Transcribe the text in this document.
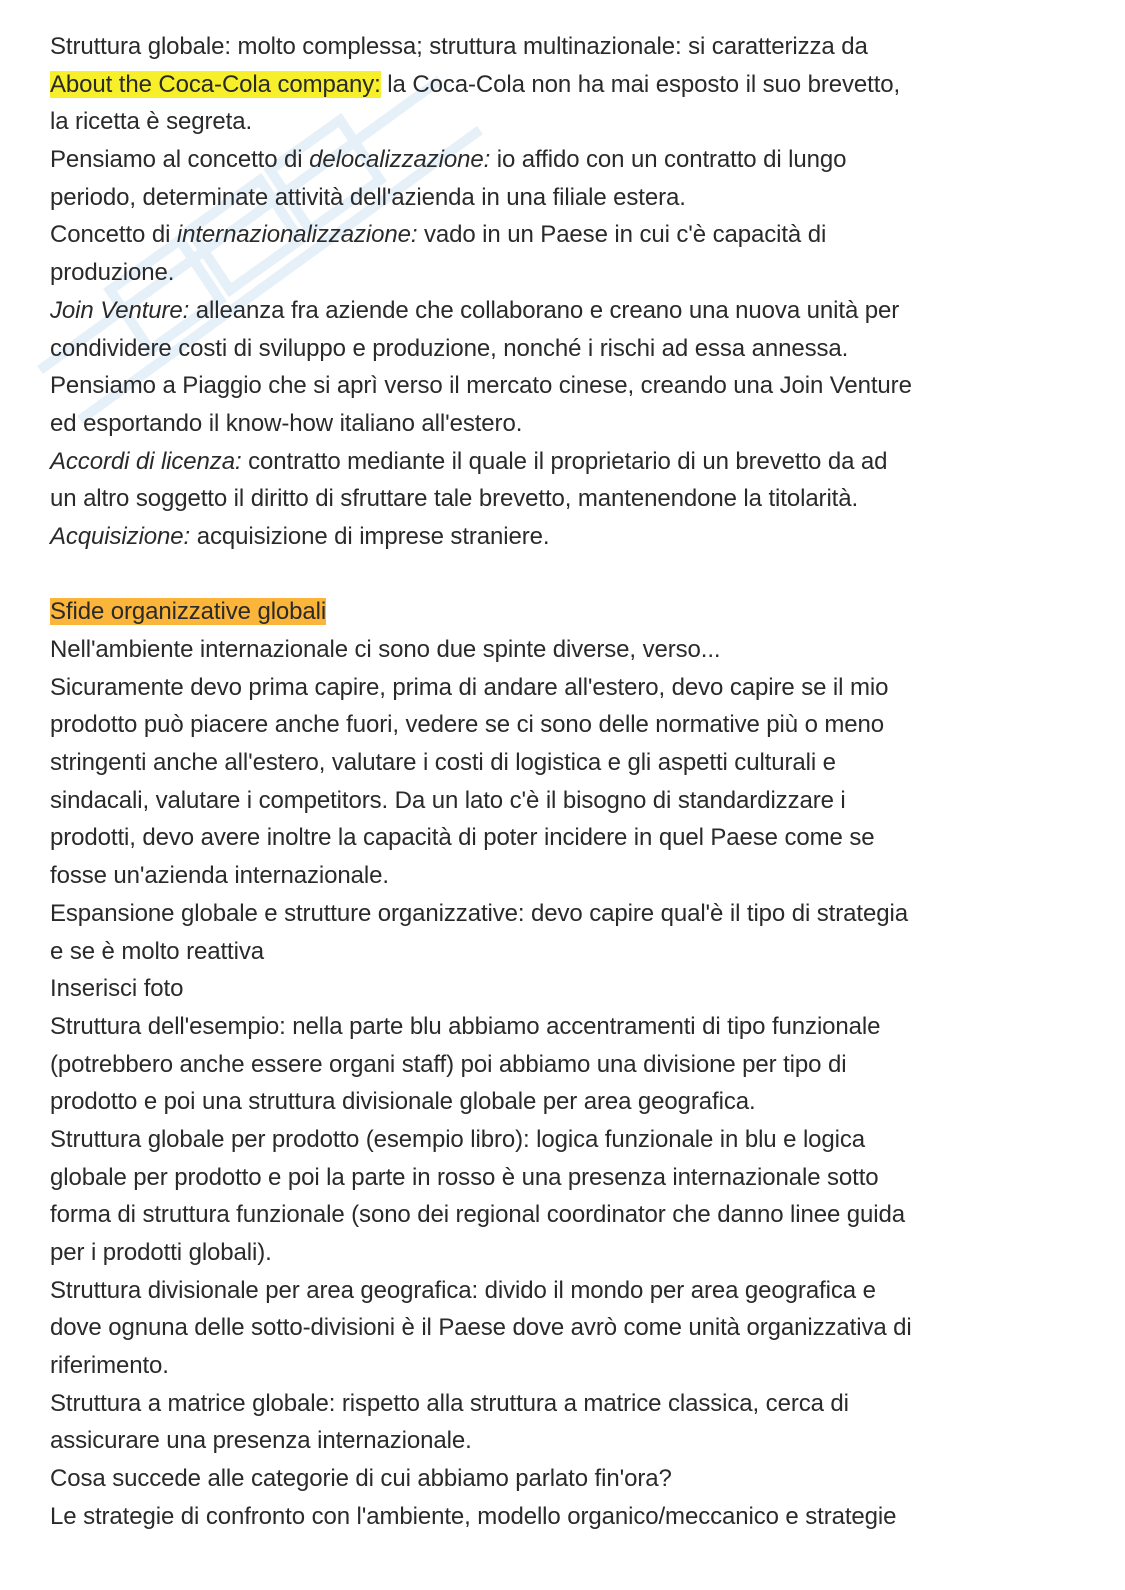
Struttura globale: molto complessa; struttura multinazionale: si caratterizza da
About the Coca-Cola company: la Coca-Cola non ha mai esposto il suo brevetto,
la ricetta è segreta.
Pensiamo al concetto di delocalizzazione: io affido con un contratto di lungo
periodo, determinate attività dell'azienda in una filiale estera.
Concetto di internazionalizzazione: vado in un Paese in cui c'è capacità di
produzione.
Join Venture: alleanza fra aziende che collaborano e creano una nuova unità per
condividere costi di sviluppo e produzione, nonché i rischi ad essa annessa.
Pensiamo a Piaggio che si aprì verso il mercato cinese, creando una Join Venture
ed esportando il know-how italiano all'estero.
Accordi di licenza: contratto mediante il quale il proprietario di un brevetto da ad
un altro soggetto il diritto di sfruttare tale brevetto, mantenendone la titolarità.
Acquisizione: acquisizione di imprese straniere.
Sfide organizzative globali
Nell'ambiente internazionale ci sono due spinte diverse, verso...
Sicuramente devo prima capire, prima di andare all'estero, devo capire se il mio
prodotto può piacere anche fuori, vedere se ci sono delle normative più o meno
stringenti anche all'estero, valutare i costi di logistica e gli aspetti culturali e
sindacali, valutare i competitors. Da un lato c'è il bisogno di standardizzare i
prodotti, devo avere inoltre la capacità di poter incidere in quel Paese come se
fosse un'azienda internazionale.
Espansione globale e strutture organizzative: devo capire qual'è il tipo di strategia
e se è molto reattiva
Inserisci foto
Struttura dell'esempio: nella parte blu abbiamo accentramenti di tipo funzionale
(potrebbero anche essere organi staff) poi abbiamo una divisione per tipo di
prodotto e poi una struttura divisionale globale per area geografica.
Struttura globale per prodotto (esempio libro): logica funzionale in blu e logica
globale per prodotto e poi la parte in rosso è una presenza internazionale sotto
forma di struttura funzionale (sono dei regional coordinator che danno linee guida
per i prodotti globali).
Struttura divisionale per area geografica: divido il mondo per area geografica e
dove ognuna delle sotto-divisioni è il Paese dove avrò come unità organizzativa di
riferimento.
Struttura a matrice globale: rispetto alla struttura a matrice classica, cerca di
assicurare una presenza internazionale.
Cosa succede alle categorie di cui abbiamo parlato fin'ora?
Le strategie di confronto con l'ambiente, modello organico/meccanico e strategie
